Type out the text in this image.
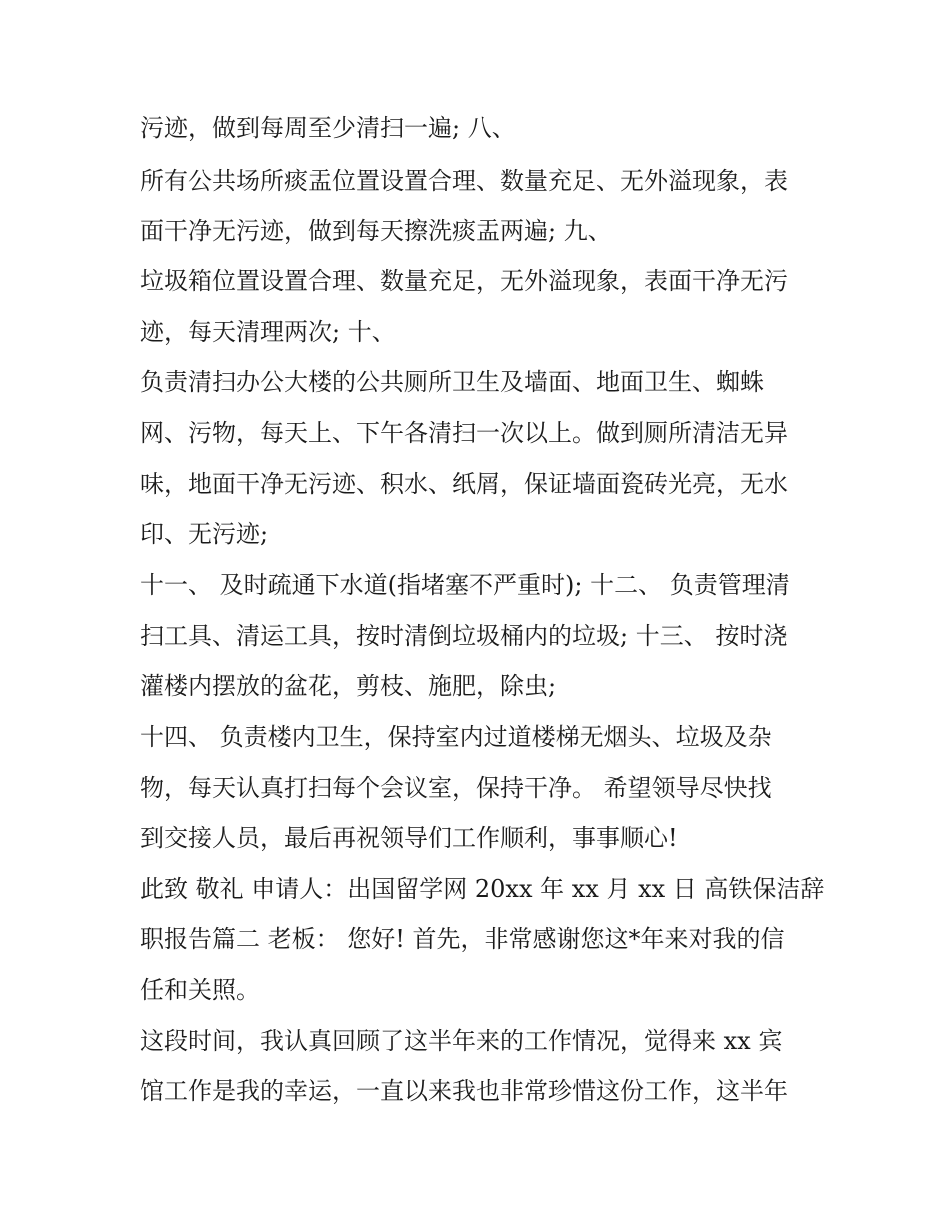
污迹，做到每周至少清扫一遍; 八、

所有公共场所痰盂位置设置合理、数量充足、无外溢现象，表

面干净无污迹，做到每天擦洗痰盂两遍; 九、

垃圾箱位置设置合理、数量充足，无外溢现象，表面干净无污

迹，每天清理两次; 十、

负责清扫办公大楼的公共厕所卫生及墙面、地面卫生、蜘蛛

网、污物，每天上、下午各清扫一次以上。做到厕所清洁无异

味，地面干净无污迹、积水、纸屑，保证墙面瓷砖光亮，无水

印、无污迹;

十一、 及时疏通下水道(指堵塞不严重时); 十二、 负责管理清

扫工具、清运工具，按时清倒垃圾桶内的垃圾; 十三、 按时浇

灌楼内摆放的盆花，剪枝、施肥，除虫;

十四、 负责楼内卫生，保持室内过道楼梯无烟头、垃圾及杂

物，每天认真打扫每个会议室，保持干净。 希望领导尽快找

到交接人员，最后再祝领导们工作顺利，事事顺心!

此致 敬礼 申请人：出国留学网 20xx 年 xx 月 xx 日 高铁保洁辞

职报告篇二 老板： 您好! 首先，非常感谢您这*年来对我的信

任和关照。

这段时间，我认真回顾了这半年来的工作情况，觉得来 xx 宾

馆工作是我的幸运，一直以来我也非常珍惜这份工作，这半年
